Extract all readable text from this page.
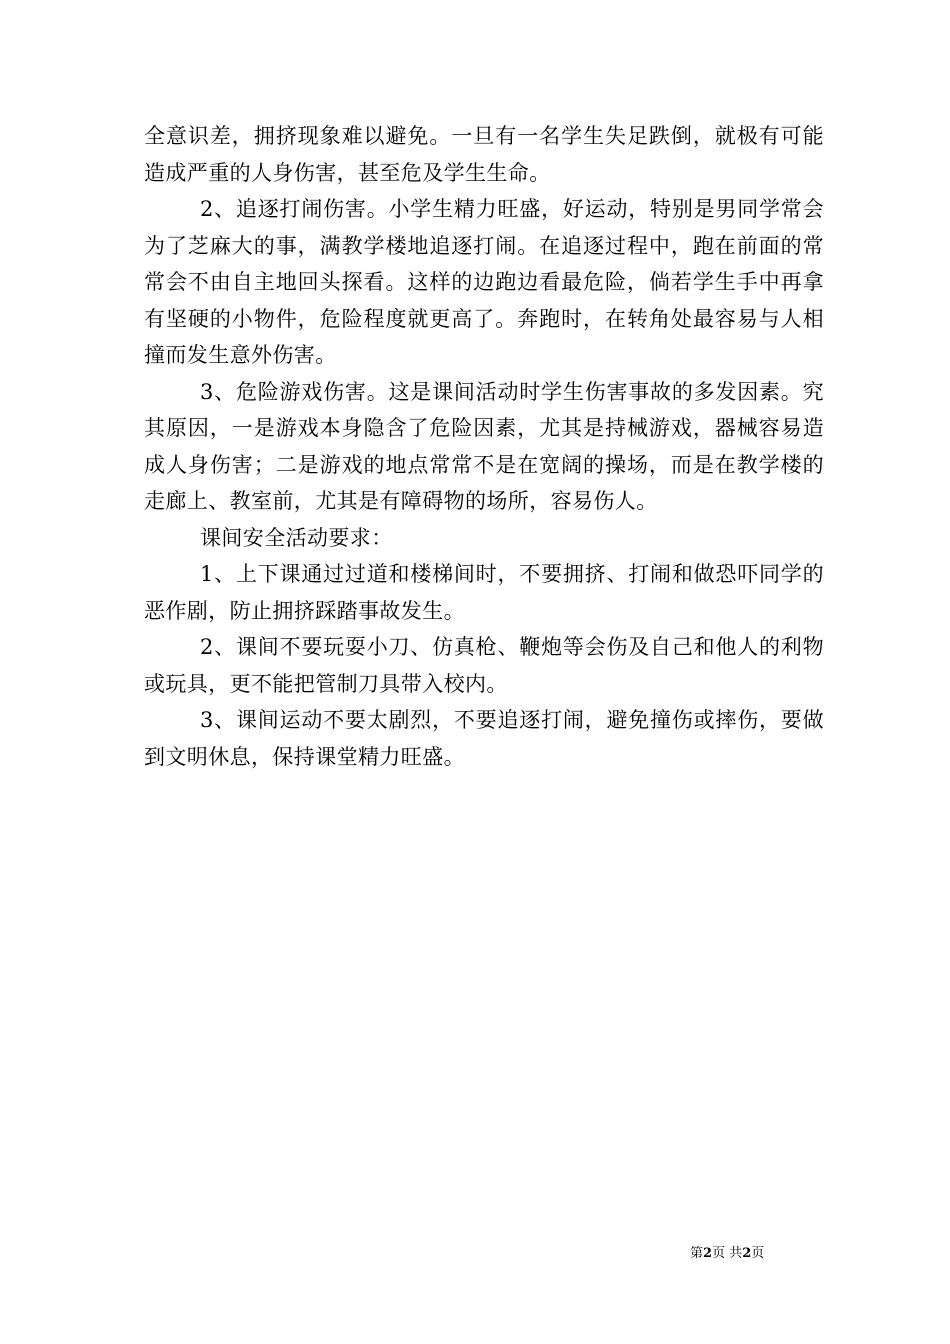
全意识差，拥挤现象难以避免。一旦有一名学生失足跌倒，就极有可能造成严重的人身伤害，甚至危及学生生命。

2、追逐打闹伤害。小学生精力旺盛，好运动，特别是男同学常会为了芝麻大的事，满教学楼地追逐打闹。在追逐过程中，跑在前面的常常会不由自主地回头探看。这样的边跑边看最危险，倘若学生手中再拿有坚硬的小物件，危险程度就更高了。奔跑时，在转角处最容易与人相撞而发生意外伤害。

3、危险游戏伤害。这是课间活动时学生伤害事故的多发因素。究其原因，一是游戏本身隐含了危险因素，尤其是持械游戏，器械容易造成人身伤害；二是游戏的地点常常不是在宽阔的操场，而是在教学楼的走廊上、教室前，尤其是有障碍物的场所，容易伤人。

课间安全活动要求：

1、上下课通过过道和楼梯间时，不要拥挤、打闹和做恐吓同学的恶作剧，防止拥挤踩踏事故发生。

2、课间不要玩耍小刀、仿真枪、鞭炮等会伤及自己和他人的利物或玩具，更不能把管制刀具带入校内。

3、课间运动不要太剧烈，不要追逐打闹，避免撞伤或摔伤，要做到文明休息，保持课堂精力旺盛。

第2页 共2页
